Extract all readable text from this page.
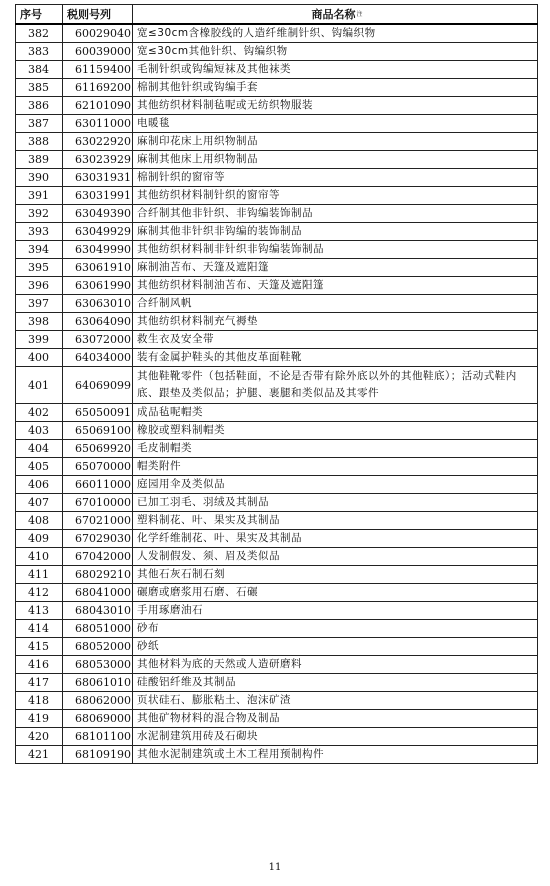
序号	税则号列	商品名称$^注$
382	60029040	宽≤30cm含橡胶线的人造纤维制针织、钩编织物
383	60039000	宽≤30cm其他针织、钩编织物
384	61159400	毛制针织或钩编短袜及其他袜类
385	61169200	棉制其他针织或钩编手套
386	62101090	其他纺织材料制毡呢或无纺织物服装
387	63011000	电暖毯
388	63022920	麻制印花床上用织物制品
389	63023929	麻制其他床上用织物制品
390	63031931	棉制针织的窗帘等
391	63031991	其他纺织材料制针织的窗帘等
392	63049390	合纤制其他非针织、非钩编装饰制品
393	63049929	麻制其他非针织非钩编的装饰制品
394	63049990	其他纺织材料制非针织非钩编装饰制品
395	63061910	麻制油苫布、天篷及遮阳篷
396	63061990	其他纺织材料制油苫布、天篷及遮阳篷
397	63063010	合纤制风帆
398	63064090	其他纺织材料制充气褥垫
399	63072000	救生衣及安全带
400	64034000	装有金属护鞋头的其他皮革面鞋靴
401	64069099	其他鞋靴零件（包括鞋面，不论是否带有除外底以外的其他鞋底）；活动式鞋内底、跟垫及类似品；护腿、裹腿和类似品及其零件
402	65050091	成品毡呢帽类
403	65069100	橡胶或塑料制帽类
404	65069920	毛皮制帽类
405	65070000	帽类附件
406	66011000	庭园用伞及类似品
407	67010000	已加工羽毛、羽绒及其制品
408	67021000	塑料制花、叶、果实及其制品
409	67029030	化学纤维制花、叶、果实及其制品
410	67042000	人发制假发、须、眉及类似品
411	68029210	其他石灰石制石刻
412	68041000	碾磨或磨浆用石磨、石碾
413	68043010	手用琢磨油石
414	68051000	砂布
415	68052000	砂纸
416	68053000	其他材料为底的天然或人造研磨料
417	68061010	硅酸铝纤维及其制品
418	68062000	页状硅石、膨胀粘土、泡沫矿渣
419	68069000	其他矿物材料的混合物及制品
420	68101100	水泥制建筑用砖及石砌块
421	68109190	其他水泥制建筑或土木工程用预制构件
11
